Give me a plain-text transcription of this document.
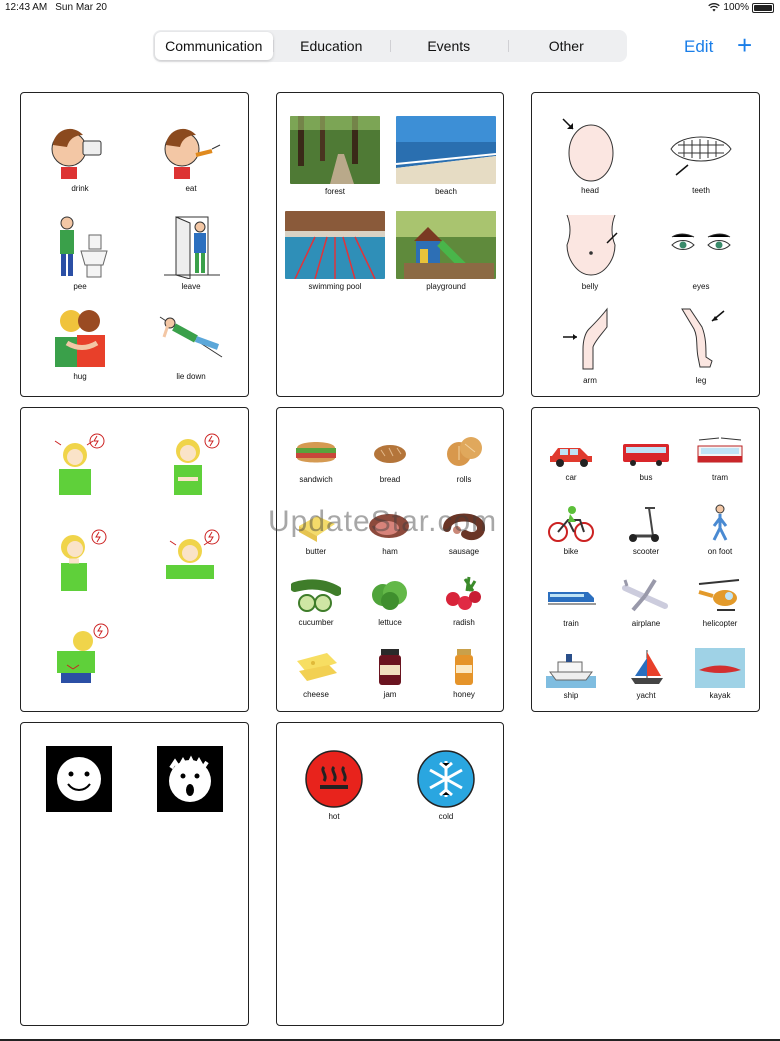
12:43 AM Sun Mar 20	100%
Communication	Education	Events	Other	Edit +
drink	eat
pee	leave
hug	lie down
forest	beach
swimming pool	playground
head	teeth
belly	eyes
arm	leg
sandwich	bread	rolls
butter	ham	sausage
cucumber	lettuce	radish
cheese	jam	honey
car	bus	tram
bike	scooter	on foot
train	airplane	helicopter
ship	yacht	kayak
hot	cold
UpdateStar.com
